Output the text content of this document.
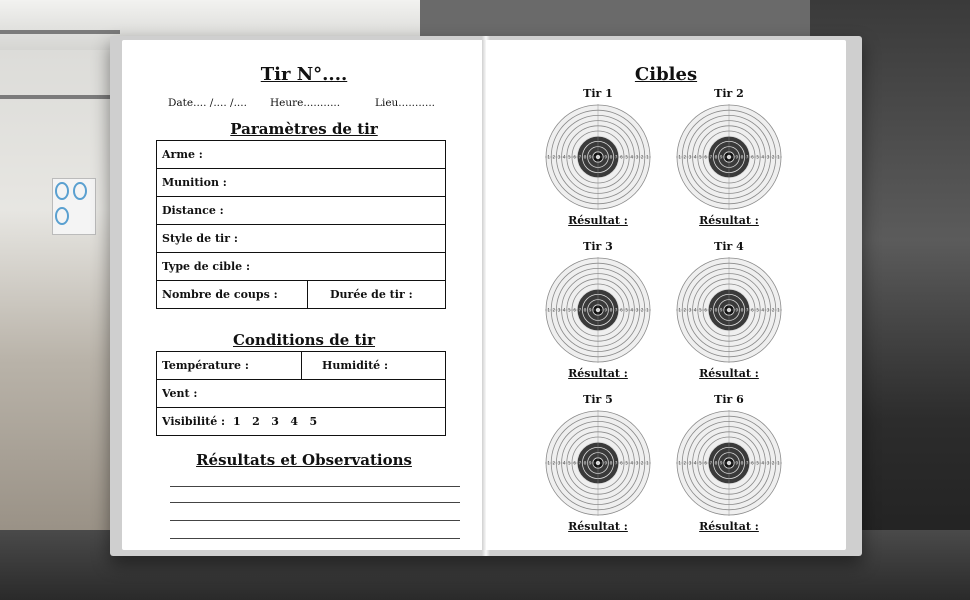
Tir N°....
Date.... /.... /.... Heure...........	Lieu...........
Paramètres de tir
Arme :
Munition :
Distance :
Style de tir :
Type de cible :
Nombre de coups :	Durée de tir :
Conditions de tir
Température :	Humidité :
Vent :
Visibilité : 1   2   3   4   5
Résultats et Observations
Cibles
Tir 1
9	9
8	8
7	7
6	6
5	5
4	4
3	3
2	2
1	1
Résultat :
Tir 2
9	9
8	8
7	7
6	6
5	5
4	4
3	3
2	2
1	1
Résultat :
Tir 3
9	9
8	8
7	7
6	6
5	5
4	4
3	3
2	2
1	1
Résultat :
Tir 4
9	9
8	8
7	7
6	6
5	5
4	4
3	3
2	2
1	1
Résultat :
Tir 5
9	9
8	8
7	7
6	6
5	5
4	4
3	3
2	2
1	1
Résultat :
Tir 6
9	9
8	8
7	7
6	6
5	5
4	4
3	3
2	2
1	1
Résultat :
